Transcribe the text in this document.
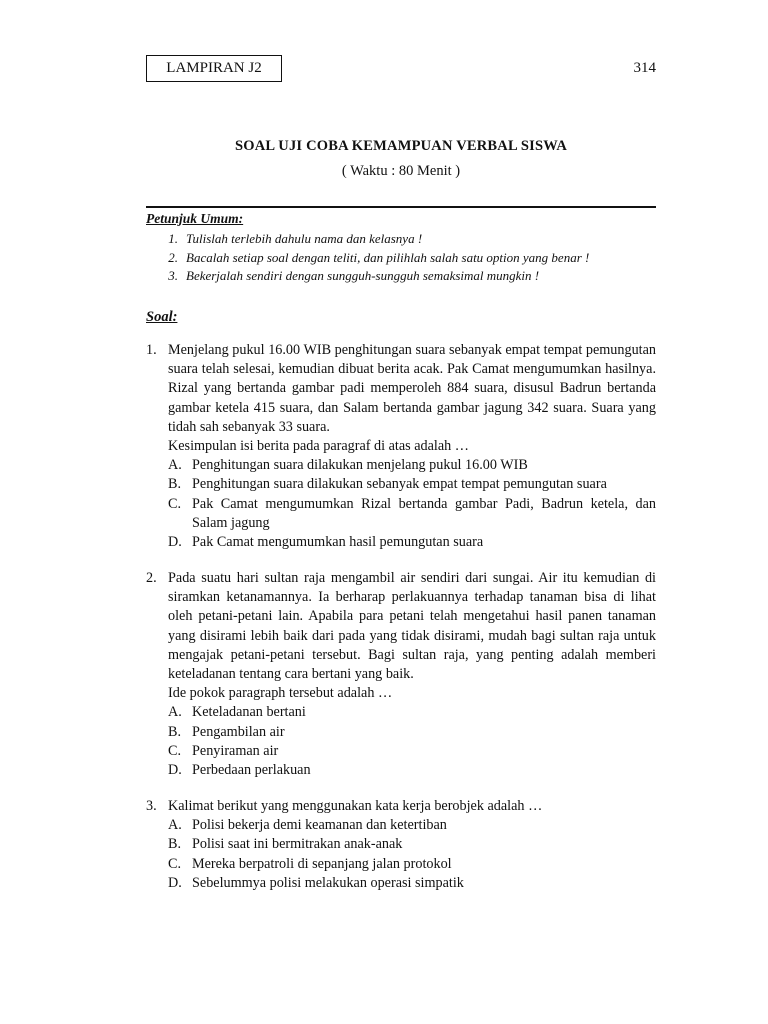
LAMPIRAN J2	314
SOAL UJI COBA KEMAMPUAN VERBAL SISWA
( Waktu : 80 Menit )
Petunjuk Umum:
1. Tulislah terlebih dahulu nama dan kelasnya !
2. Bacalah setiap soal dengan teliti, dan pilihlah salah satu option yang benar !
3. Bekerjalah sendiri dengan sungguh-sungguh semaksimal mungkin !
Soal:
1. Menjelang pukul 16.00 WIB penghitungan suara sebanyak empat tempat pemungutan suara telah selesai, kemudian dibuat berita acak. Pak Camat mengumumkan hasilnya. Rizal yang bertanda gambar padi memperoleh 884 suara, disusul Badrun bertanda gambar ketela 415 suara, dan Salam bertanda gambar jagung 342 suara. Suara yang tidah sah sebanyak 33 suara.
Kesimpulan isi berita pada paragraf di atas adalah …
A. Penghitungan suara dilakukan menjelang pukul 16.00 WIB
B. Penghitungan suara dilakukan sebanyak empat tempat pemungutan suara
C. Pak Camat mengumumkan Rizal bertanda gambar Padi, Badrun ketela, dan Salam jagung
D. Pak Camat mengumumkan hasil pemungutan suara
2. Pada suatu hari sultan raja mengambil air sendiri dari sungai. Air itu kemudian di siramkan ketanamannya. Ia berharap perlakuannya terhadap tanaman bisa di lihat oleh petani-petani lain. Apabila para petani telah mengetahui hasil panen tanaman yang disirami lebih baik dari pada yang tidak disirami, mudah bagi sultan raja untuk mengajak petani-petani tersebut. Bagi sultan raja, yang penting adalah memberi keteladanan tentang cara bertani yang baik.
Ide pokok paragraph tersebut adalah …
A. Keteladanan bertani
B. Pengambilan air
C. Penyiraman air
D. Perbedaan perlakuan
3. Kalimat berikut yang menggunakan kata kerja berobjek adalah …
A. Polisi bekerja demi keamanan dan ketertiban
B. Polisi saat ini bermitrakan anak-anak
C. Mereka berpatroli di sepanjang jalan protokol
D. Sebelummya polisi melakukan operasi simpatik
